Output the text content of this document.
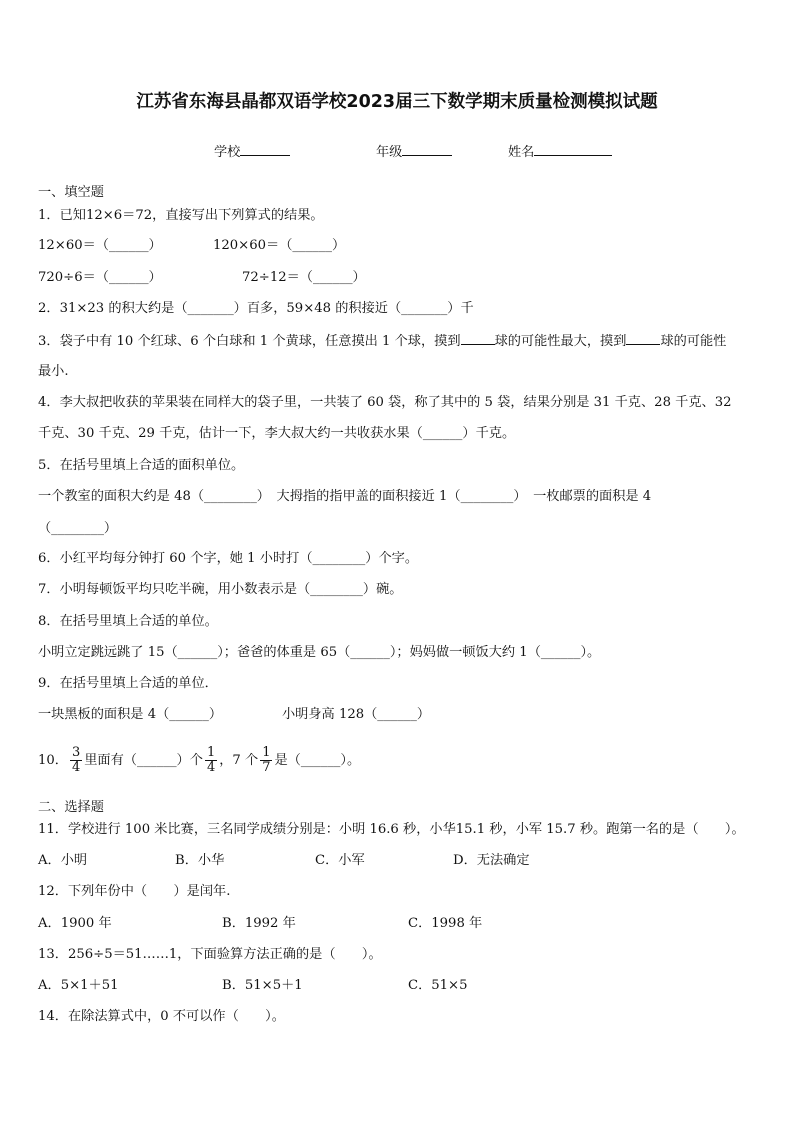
江苏省东海县晶都双语学校2023届三下数学期末质量检测模拟试题
学校	年级	姓名
一、填空题
1．已知12×6＝72，直接写出下列算式的结果。
12×60＝（______）	120×60＝（______）
720÷6＝（______）	72÷12＝（______）
2．31×23 的积大约是（_______）百多，59×48 的积接近（_______）千
3．袋子中有 10 个红球、6 个白球和 1 个黄球，任意摸出 1 个球，摸到	球的可能性最大，摸到	球的可能性
最小.
4．李大叔把收获的苹果装在同样大的袋子里，一共装了 60 袋，称了其中的 5 袋，结果分别是 31 千克、28 千克、32
千克、30 千克、29 千克，估计一下，李大叔大约一共收获水果（______）千克。
5．在括号里填上合适的面积单位。
一个教室的面积大约是 48（________）　大拇指的指甲盖的面积接近 1（________）　一枚邮票的面积是 4
（________）
6．小红平均每分钟打 60 个字，她 1 小时打（________）个字。
7．小明每顿饭平均只吃半碗，用小数表示是（________）碗。
8．在括号里填上合适的单位。
小明立定跳远跳了 15（______）；爸爸的体重是 65（______）；妈妈做一顿饭大约 1（______）。
9．在括号里填上合适的单位．
一块黑板的面积是 4（______）	小明身高 128（______）
10． $\frac{3}{4}$ 里面有（______）个 $\frac{1}{4}$ ，7 个 $\frac{1}{7}$ 是（______）。
二、选择题
11．学校进行 100 米比赛，三名同学成绩分别是：小明 16.6 秒，小华15.1 秒，小军 15.7 秒。跑第一名的是（　　）。
A．小明	B．小华	C．小军	D．无法确定
12．下列年份中（　　）是闰年.
A．1900 年	B．1992 年	C．1998 年
13．256÷5＝51……1，下面验算方法正确的是（　　）。
A．5×1＋51	B．51×5＋1	C．51×5
14．在除法算式中，0 不可以作（　　）。
